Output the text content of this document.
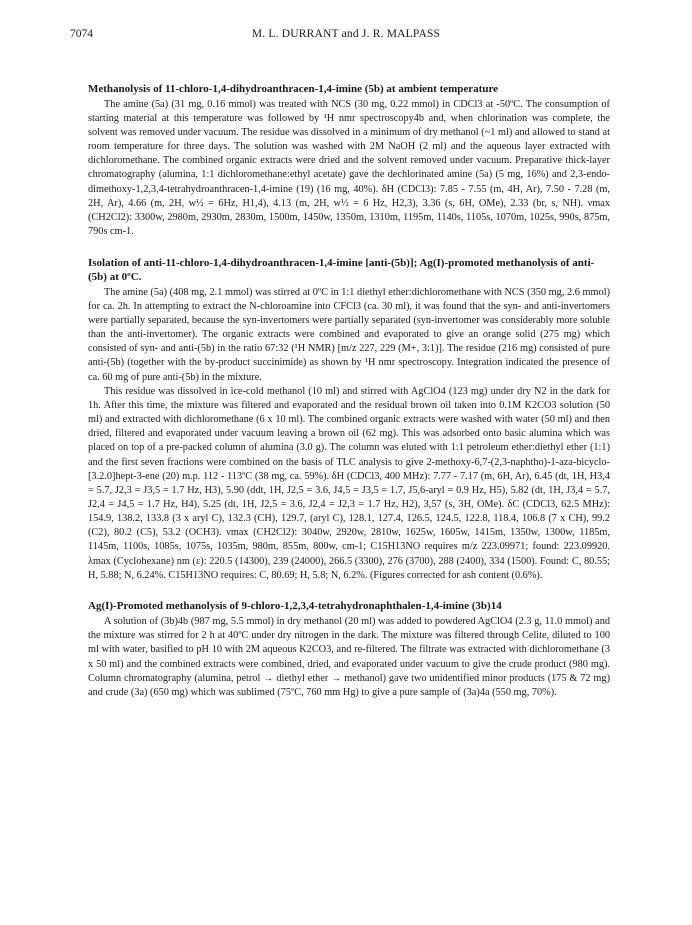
7074	M. L. DURRANT and J. R. MALPASS
Methanolysis of 11-chloro-1,4-dihydroanthracen-1,4-imine (5b) at ambient temperature

The amine (5a) (31 mg, 0.16 mmol) was treated with NCS (30 mg, 0.22 mmol) in CDCl3 at -50ºC. The consumption of starting material at this temperature was followed by ¹H nmr spectroscopy4b and, when chlorination was complete, the solvent was removed under vacuum. The residue was dissolved in a minimum of dry methanol (~1 ml) and allowed to stand at room temperature for three days. The solution was washed with 2M NaOH (2 ml) and the aqueous layer extracted with dichloromethane. The combined organic extracts were dried and the solvent removed under vacuum. Preparative thick-layer chromatography (alumina, 1:1 dichloromethane:ethyl acetate) gave the dechlorinated amine (5a) (5 mg, 16%) and 2,3-endo-dimethoxy-1,2,3,4-tetrahydroanthracen-1,4-imine (19) (16 mg, 40%). δH (CDCl3): 7.85 - 7.55 (m, 4H, Ar), 7.50 - 7.28 (m, 2H, Ar), 4.66 (m, 2H, w½ = 6Hz, H1,4), 4.13 (m, 2H, w½ = 6 Hz, H2,3), 3.36 (s, 6H, OMe), 2.33 (br, s, NH). νmax (CH2Cl2): 3300w, 2980m, 2930m, 2830m, 1500m, 1450w, 1350m, 1310m, 1195m, 1140s, 1105s, 1070m, 1025s, 990s, 875m, 790s cm-1.

Isolation of anti-11-chloro-1,4-dihydroanthracen-1,4-imine [anti-(5b)]; Ag(I)-promoted methanolysis of anti-(5b) at 0ºC.

The amine (5a) (408 mg, 2.1 mmol) was stirred at 0ºC in 1:1 diethyl ether:dichloromethane with NCS (350 mg, 2.6 mmol) for ca. 2h. In attempting to extract the N-chloroamine into CFCl3 (ca. 30 ml), it was found that the syn- and anti-invertomers were partially separated, because the syn-invertomers were partially separated (syn-invertomer was considerably more soluble than the anti-invertomer). The organic extracts were combined and evaporated to give an orange solid (275 mg) which consisted of syn- and anti-(5b) in the ratio 67:32 (¹H NMR) [m/z 227, 229 (M+, 3:1)]. The residue (216 mg) consisted of pure anti-(5b) (together with the by-product succinimide) as shown by ¹H nmr spectroscopy. Integration indicated the presence of ca. 60 mg of pure anti-(5b) in the mixture.

This residue was dissolved in ice-cold methanol (10 ml) and stirred with AgClO4 (123 mg) under dry N2 in the dark for 1h. After this time, the mixture was filtered and evaporated and the residual brown oil taken into 0.1M K2CO3 solution (50 ml) and extracted with dichloromethane (6 x 10 ml). The combined organic extracts were washed with water (50 ml) and then dried, filtered and evaporated under vacuum leaving a brown oil (62 mg). This was adsorbed onto basic alumina which was placed on top of a pre-packed column of alumina (3.0 g). The column was eluted with 1:1 petroleum ether:diethyl ether (1:1) and the first seven fractions were combined on the basis of TLC analysis to give 2-methoxy-6,7-(2,3-naphtho)-1-aza-bicyclo-[3.2.0]hept-3-ene (20) m.p. 112 - 113ºC (38 mg, ca. 59%). δH (CDCl3, 400 MHz): 7.77 - 7.17 (m, 6H, Ar), 6.45 (dt, 1H, H3,4 = 5.7, J2,3 = J3,5 = 1.7 Hz, H3), 5.90 (ddt, 1H, J2,5 = 3.6, J4,5 = J3,5 = 1.7, J5,6-aryl = 0.9 Hz, H5), 5.82 (dt, 1H, J3,4 = 5.7, J2,4 = J4,5 = 1.7 Hz, H4), 5.25 (dt, 1H, J2,5 = 3.6, J2,4 = J2,3 = 1.7 Hz, H2), 3,57 (s, 3H, OMe). δC (CDCl3, 62.5 MHz): 154.9, 138.2, 133.8 (3 x aryl C), 132.3 (CH), 129.7, (aryl C), 128.1, 127.4, 126.5, 124.5, 122.8, 118.4, 106.8 (7 x CH), 99.2 (C2), 80.2 (C5), 53.2 (OCH3). νmax (CH2Cl2): 3040w, 2920w, 2810w, 1625w, 1605w, 1415m, 1350w, 1300w, 1185m, 1145m, 1100s, 1085s, 1075s, 1035m, 980m, 855m, 800w, cm-1; C15H13NO requires m/z 223.09971; found: 223.09920. λmax (Cyclohexane) nm (ε): 220.5 (14300), 239 (24000), 266.5 (3300), 276 (3700), 288 (2400), 334 (1500). Found: C, 80.55; H, 5.88; N, 6.24%. C15H13NO requires: C, 80.69; H, 5.8; N, 6.2%. (Figures corrected for ash content (0.6%).

Ag(I)-Promoted methanolysis of 9-chloro-1,2,3,4-tetrahydronaphthalen-1,4-imine (3b)14

A solution of (3b)4b (987 mg, 5.5 mmol) in dry methanol (20 ml) was added to powdered AgClO4 (2.3 g, 11.0 mmol) and the mixture was stirred for 2 h at 40ºC under dry nitrogen in the dark. The mixture was filtered through Celite, diluted to 100 ml with water, basified to pH 10 with 2M aqueous K2CO3, and re-filtered. The filtrate was extracted with dichloromethane (3 x 50 ml) and the combined extracts were combined, dried, and evaporated under vacuum to give the crude product (980 mg). Column chromatography (alumina, petrol → diethyl ether → methanol) gave two unidentified minor products (175 & 72 mg) and crude (3a) (650 mg) which was sublimed (75ºC, 760 mm Hg) to give a pure sample of (3a)4a (550 mg, 70%).
